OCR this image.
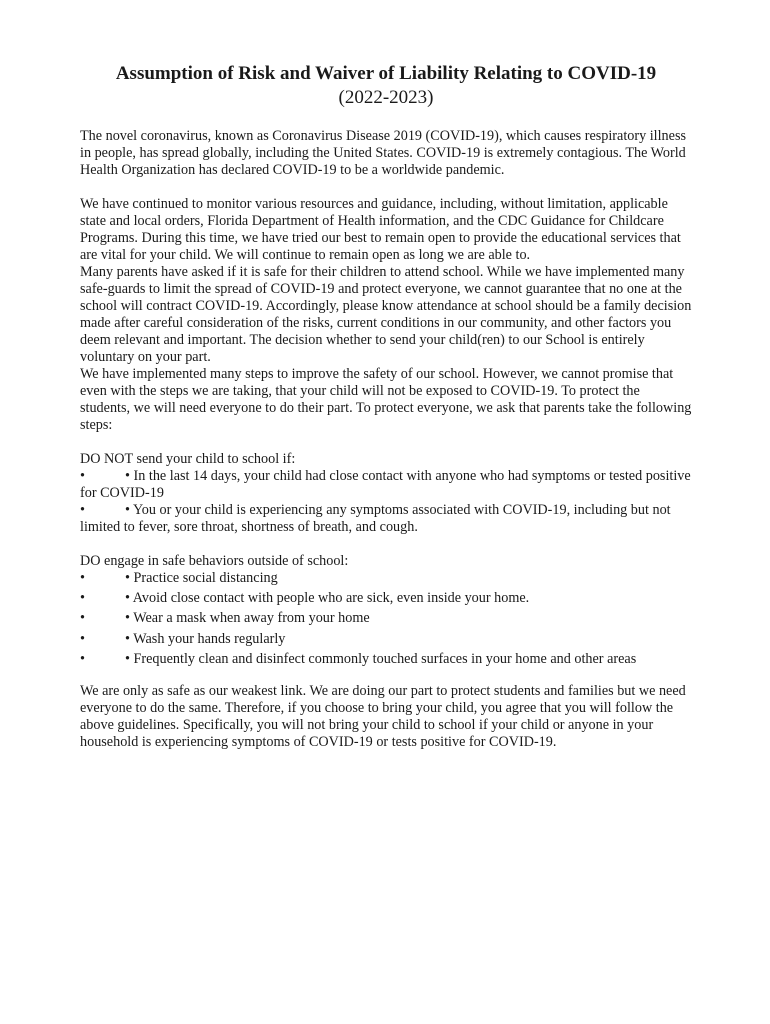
Assumption of Risk and Waiver of Liability Relating to COVID-19
(2022-2023)

The novel coronavirus, known as Coronavirus Disease 2019 (COVID-19), which causes respiratory illness in people, has spread globally, including the United States. COVID-19 is extremely contagious. The World Health Organization has declared COVID-19 to be a worldwide pandemic.

We have continued to monitor various resources and guidance, including, without limitation, applicable state and local orders, Florida Department of Health information, and the CDC Guidance for Childcare Programs. During this time, we have tried our best to remain open to provide the educational services that are vital for your child. We will continue to remain open as long we are able to.

Many parents have asked if it is safe for their children to attend school. While we have implemented many safe-guards to limit the spread of COVID-19 and protect everyone, we cannot guarantee that no one at the school will contract COVID-19. Accordingly, please know attendance at school should be a family decision made after careful consideration of the risks, current conditions in our community, and other factors you deem relevant and important. The decision whether to send your child(ren) to our School is entirely voluntary on your part.

We have implemented many steps to improve the safety of our school. However, we cannot promise that even with the steps we are taking, that your child will not be exposed to COVID-19. To protect the students, we will need everyone to do their part. To protect everyone, we ask that parents take the following steps:

DO NOT send your child to school if:

•	• In the last 14 days, your child had close contact with anyone who had symptoms or tested positive for COVID-19
•	• You or your child is experiencing any symptoms associated with COVID-19, including but not limited to fever, sore throat, shortness of breath, and cough.

DO engage in safe behaviors outside of school:

•	• Practice social distancing
•	• Avoid close contact with people who are sick, even inside your home.
•	• Wear a mask when away from your home
•	• Wash your hands regularly
•	• Frequently clean and disinfect commonly touched surfaces in your home and other areas

We are only as safe as our weakest link. We are doing our part to protect students and families but we need everyone to do the same. Therefore, if you choose to bring your child, you agree that you will follow the above guidelines. Specifically, you will not bring your child to school if your child or anyone in your household is experiencing symptoms of COVID-19 or tests positive for COVID-19.
